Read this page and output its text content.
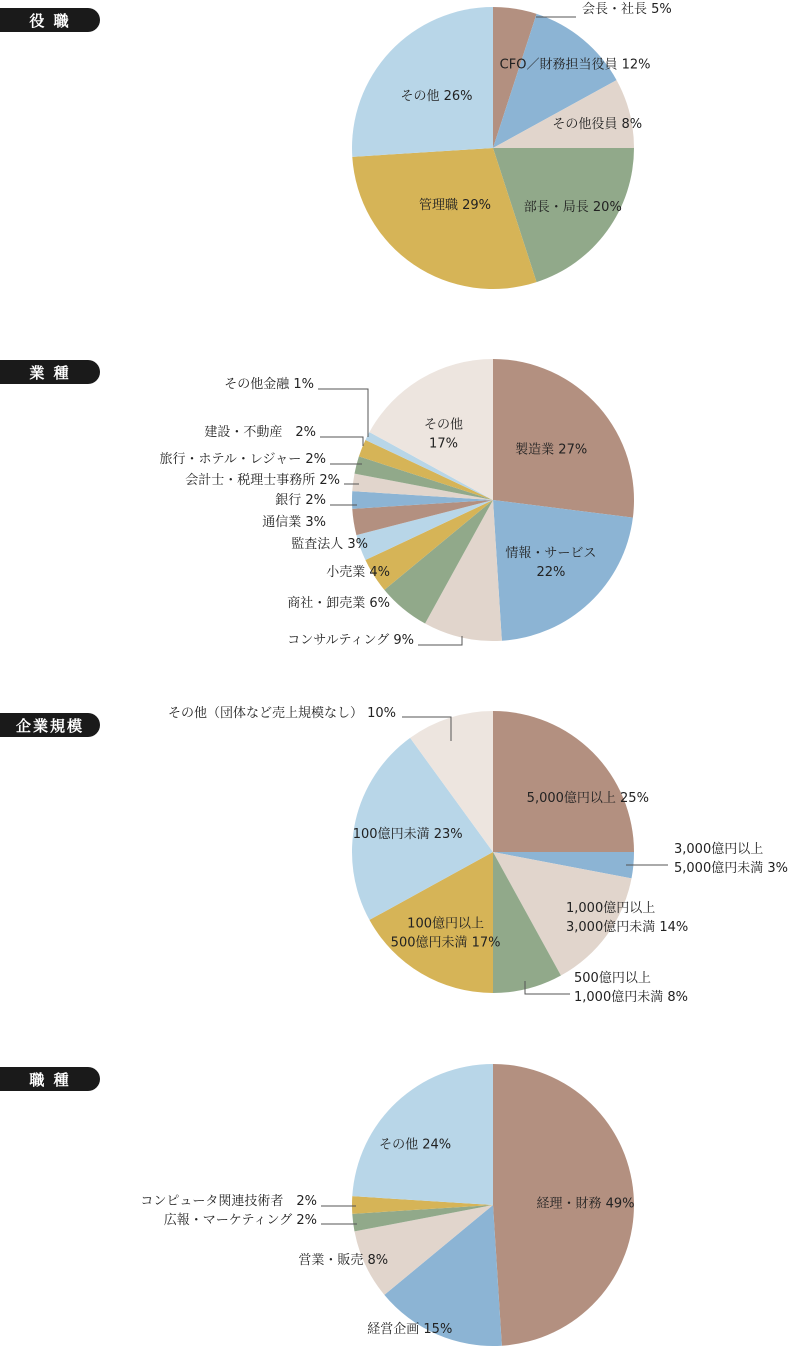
役 職
会長・社長 5%
CFO／財務担当役員 12%
その他役員 8%
部長・局長 20%
管理職 29%
その他 26%
業 種
製造業 27%
情報・サービス 22%
コンサルティング 9%
商社・卸売業 6%
小売業 4%
監査法人 3%
通信業 3%
銀行 2%
会計士・税理士事務所 2%
旅行・ホテル・レジャー 2%
建設・不動産　2%
その他金融 1%
その他 17%
企業規模
5,000億円以上 25%
3,000億円以上 5,000億円未満 3%
1,000億円以上 3,000億円未満 14%
500億円以上 1,000億円未満 8%
100億円以上 500億円未満 17%
100億円未満 23%
その他（団体など売上規模なし） 10%
職 種
経理・財務 49%
経営企画 15%
営業・販売 8%
広報・マーケティング 2%
コンピュータ関連技術者　2%
その他 24%
